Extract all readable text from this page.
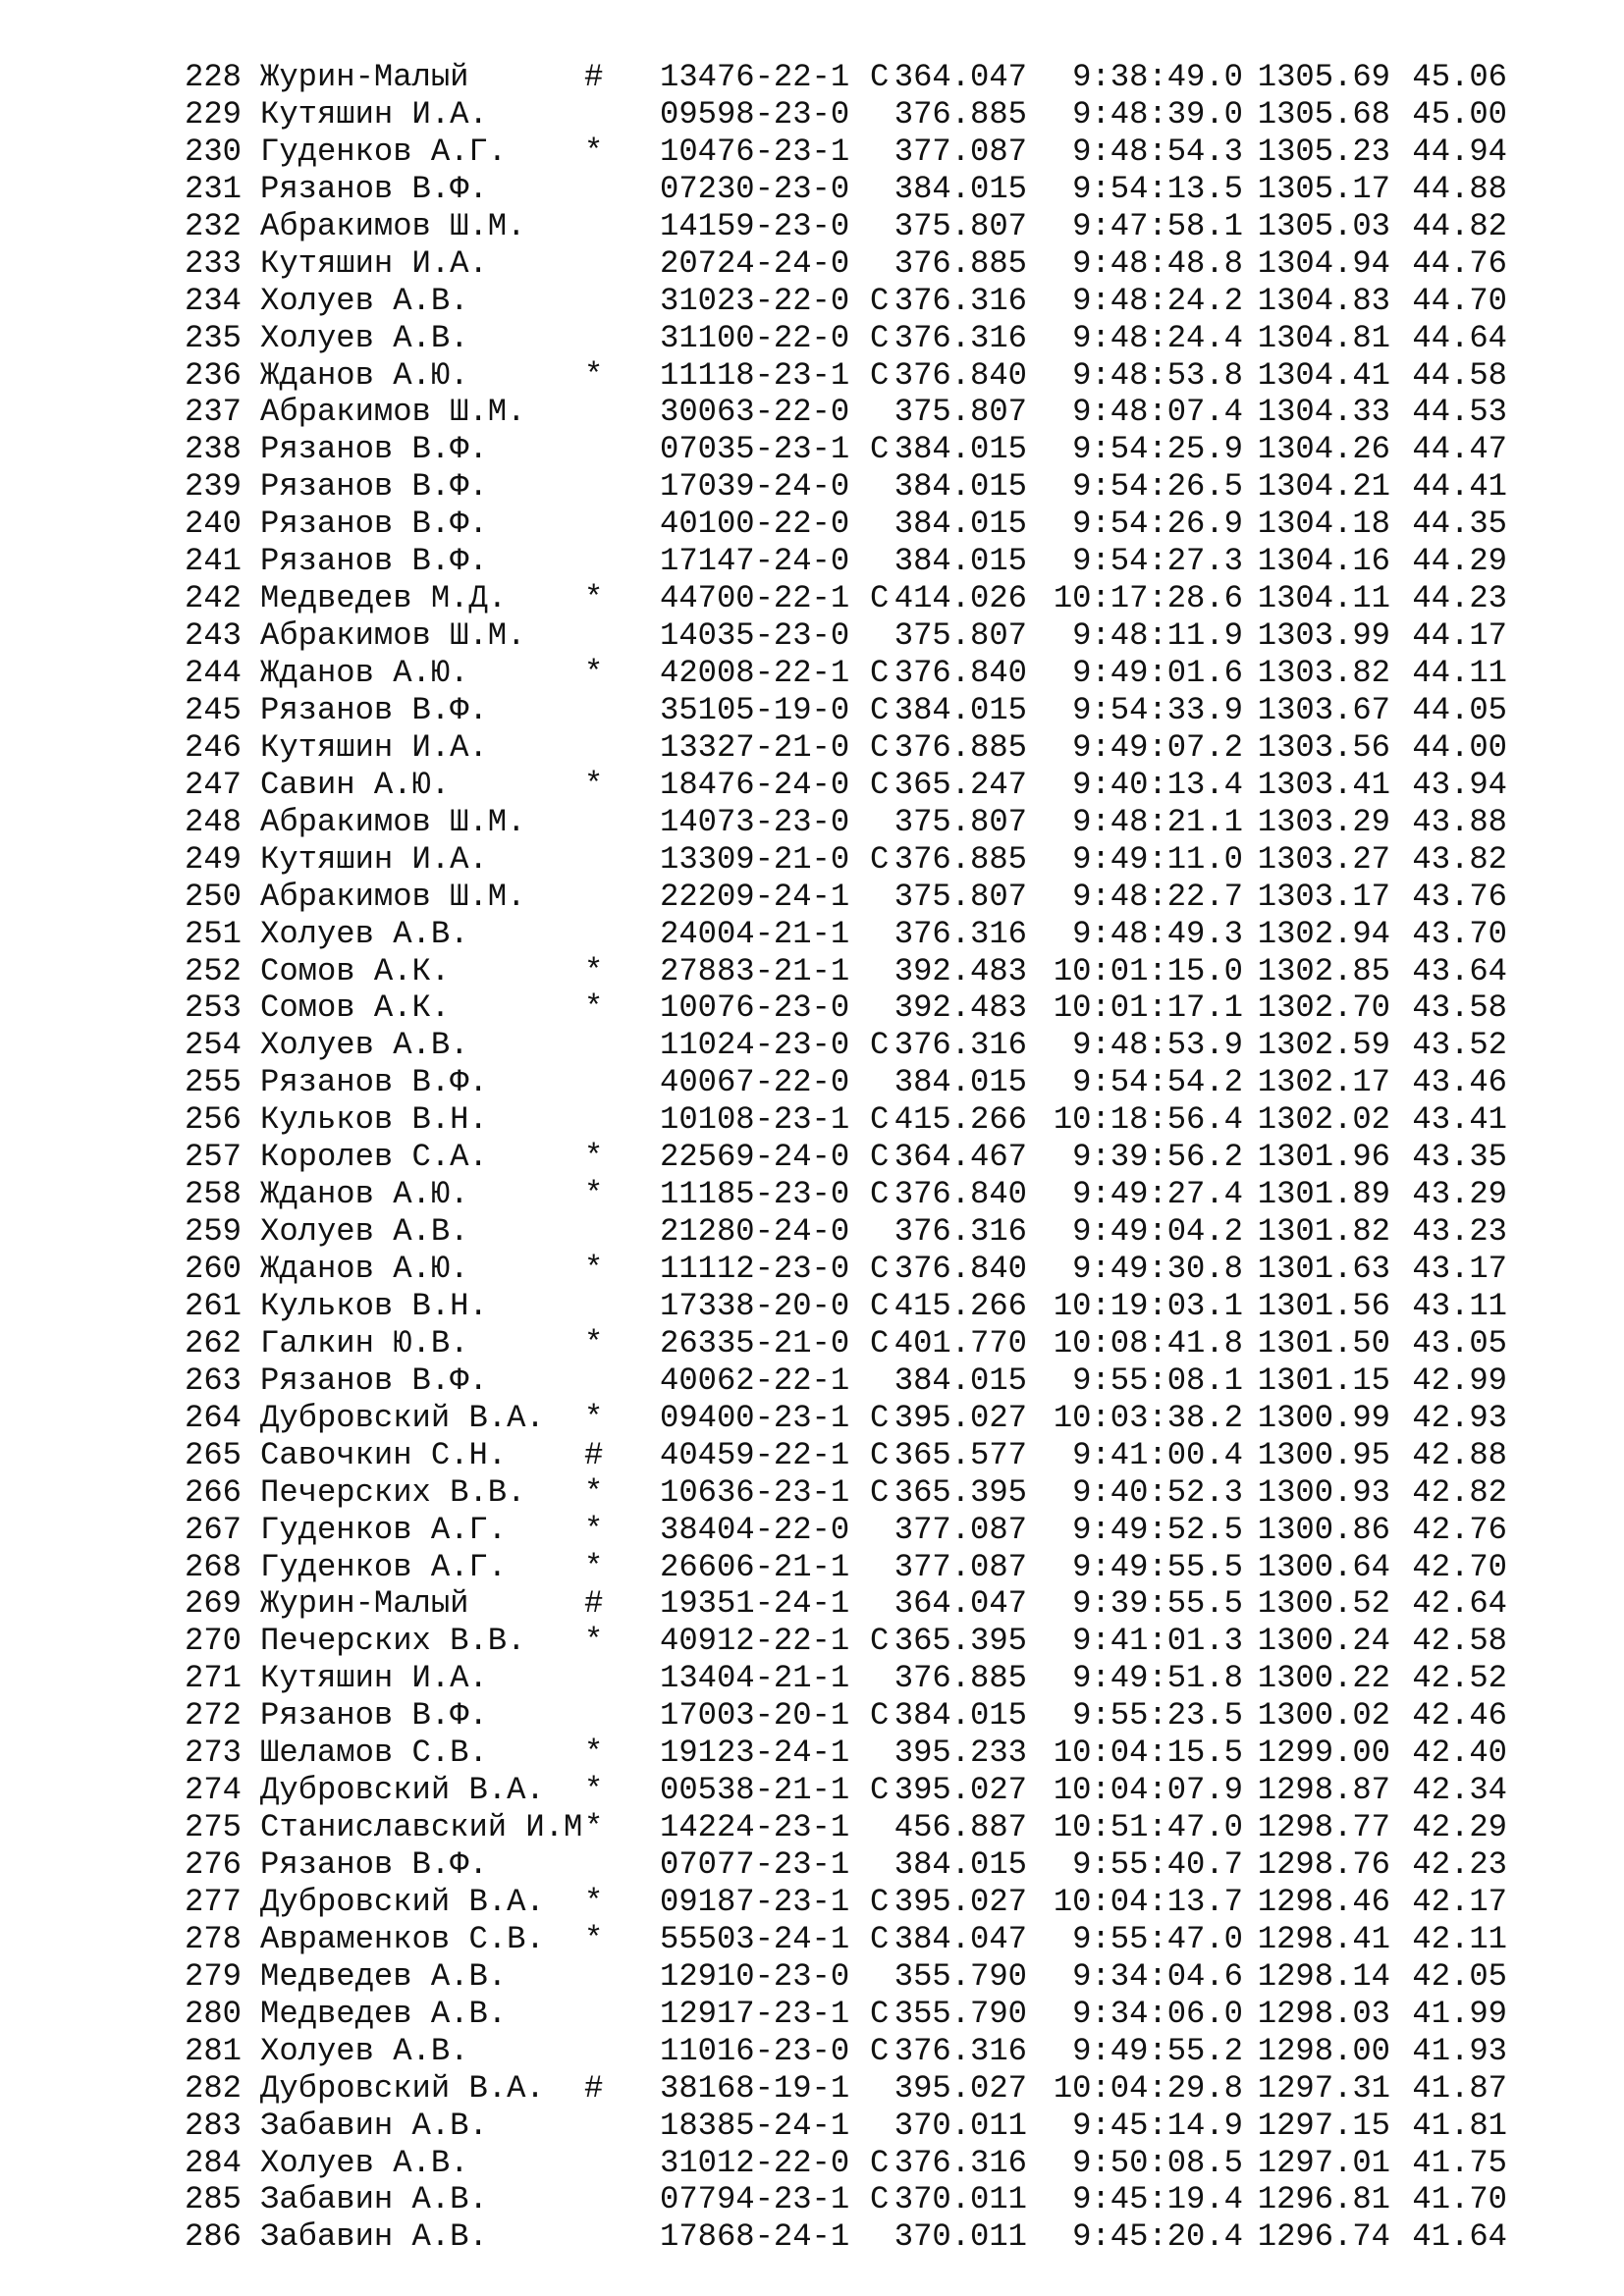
228 Журин-Малый	#	13476-22-1 С 364.047	9:38:49.0 1305.69 45.06
229 Кутяшин И.А.	09598-23-0	376.885	9:48:39.0 1305.68 45.00
230 Гуденков А.Г.	*	10476-23-1	377.087	9:48:54.3 1305.23 44.94
231 Рязанов В.Ф.	07230-23-0	384.015	9:54:13.5 1305.17 44.88
232 Абракимов Ш.М.	14159-23-0	375.807	9:47:58.1 1305.03 44.82
233 Кутяшин И.А.	20724-24-0	376.885	9:48:48.8 1304.94 44.76
234 Холуев А.В.	31023-22-0 С 376.316	9:48:24.2 1304.83 44.70
235 Холуев А.В.	31100-22-0 С 376.316	9:48:24.4 1304.81 44.64
236 Жданов А.Ю.	*	11118-23-1 С 376.840	9:48:53.8 1304.41 44.58
237 Абракимов Ш.М.	30063-22-0	375.807	9:48:07.4 1304.33 44.53
238 Рязанов В.Ф.	07035-23-1 С 384.015	9:54:25.9 1304.26 44.47
239 Рязанов В.Ф.	17039-24-0	384.015	9:54:26.5 1304.21 44.41
240 Рязанов В.Ф.	40100-22-0	384.015	9:54:26.9 1304.18 44.35
241 Рязанов В.Ф.	17147-24-0	384.015	9:54:27.3 1304.16 44.29
242 Медведев М.Д.	*	44700-22-1 С 414.026 10:17:28.6 1304.11 44.23
243 Абракимов Ш.М.	14035-23-0	375.807	9:48:11.9 1303.99 44.17
244 Жданов А.Ю.	*	42008-22-1 С 376.840	9:49:01.6 1303.82 44.11
245 Рязанов В.Ф.	35105-19-0 С 384.015	9:54:33.9 1303.67 44.05
246 Кутяшин И.А.	13327-21-0 С 376.885	9:49:07.2 1303.56 44.00
247 Савин А.Ю.	*	18476-24-0 С 365.247	9:40:13.4 1303.41 43.94
248 Абракимов Ш.М.	14073-23-0	375.807	9:48:21.1 1303.29 43.88
249 Кутяшин И.А.	13309-21-0 С 376.885	9:49:11.0 1303.27 43.82
250 Абракимов Ш.М.	22209-24-1	375.807	9:48:22.7 1303.17 43.76
251 Холуев А.В.	24004-21-1	376.316	9:48:49.3 1302.94 43.70
252 Сомов А.К.	*	27883-21-1	392.483 10:01:15.0 1302.85 43.64
253 Сомов А.К.	*	10076-23-0	392.483 10:01:17.1 1302.70 43.58
254 Холуев А.В.	11024-23-0 С 376.316	9:48:53.9 1302.59 43.52
255 Рязанов В.Ф.	40067-22-0	384.015	9:54:54.2 1302.17 43.46
256 Кульков В.Н.	10108-23-1 С 415.266 10:18:56.4 1302.02 43.41
257 Королев С.А.	*	22569-24-0 С 364.467	9:39:56.2 1301.96 43.35
258 Жданов А.Ю.	*	11185-23-0 С 376.840	9:49:27.4 1301.89 43.29
259 Холуев А.В.	21280-24-0	376.316	9:49:04.2 1301.82 43.23
260 Жданов А.Ю.	*	11112-23-0 С 376.840	9:49:30.8 1301.63 43.17
261 Кульков В.Н.	17338-20-0 С 415.266 10:19:03.1 1301.56 43.11
262 Галкин Ю.В.	*	26335-21-0 С 401.770 10:08:41.8 1301.50 43.05
263 Рязанов В.Ф.	40062-22-1	384.015	9:55:08.1 1301.15 42.99
264 Дубровский В.А.	*	09400-23-1 С 395.027 10:03:38.2 1300.99 42.93
265 Савочкин С.Н.	#	40459-22-1 С 365.577	9:41:00.4 1300.95 42.88
266 Печерских В.В.	*	10636-23-1 С 365.395	9:40:52.3 1300.93 42.82
267 Гуденков А.Г.	*	38404-22-0	377.087	9:49:52.5 1300.86 42.76
268 Гуденков А.Г.	*	26606-21-1	377.087	9:49:55.5 1300.64 42.70
269 Журин-Малый	#	19351-24-1	364.047	9:39:55.5 1300.52 42.64
270 Печерских В.В.	*	40912-22-1 С 365.395	9:41:01.3 1300.24 42.58
271 Кутяшин И.А.	13404-21-1	376.885	9:49:51.8 1300.22 42.52
272 Рязанов В.Ф.	17003-20-1 С 384.015	9:55:23.5 1300.02 42.46
273 Шеламов С.В.	*	19123-24-1	395.233 10:04:15.5 1299.00 42.40
274 Дубровский В.А.	*	00538-21-1 С 395.027 10:04:07.9 1298.87 42.34
275 Станиславский И.М *	14224-23-1	456.887 10:51:47.0 1298.77 42.29
276 Рязанов В.Ф.	07077-23-1	384.015	9:55:40.7 1298.76 42.23
277 Дубровский В.А.	*	09187-23-1 С 395.027 10:04:13.7 1298.46 42.17
278 Авраменков С.В.	*	55503-24-1 С 384.047	9:55:47.0 1298.41 42.11
279 Медведев А.В.	12910-23-0	355.790	9:34:04.6 1298.14 42.05
280 Медведев А.В.	12917-23-1 С 355.790	9:34:06.0 1298.03 41.99
281 Холуев А.В.	11016-23-0 С 376.316	9:49:55.2 1298.00 41.93
282 Дубровский В.А.	#	38168-19-1	395.027 10:04:29.8 1297.31 41.87
283 Забавин А.В.	18385-24-1	370.011	9:45:14.9 1297.15 41.81
284 Холуев А.В.	31012-22-0 С 376.316	9:50:08.5 1297.01 41.75
285 Забавин А.В.	07794-23-1 С 370.011	9:45:19.4 1296.81 41.70
286 Забавин А.В.	17868-24-1	370.011	9:45:20.4 1296.74 41.64
